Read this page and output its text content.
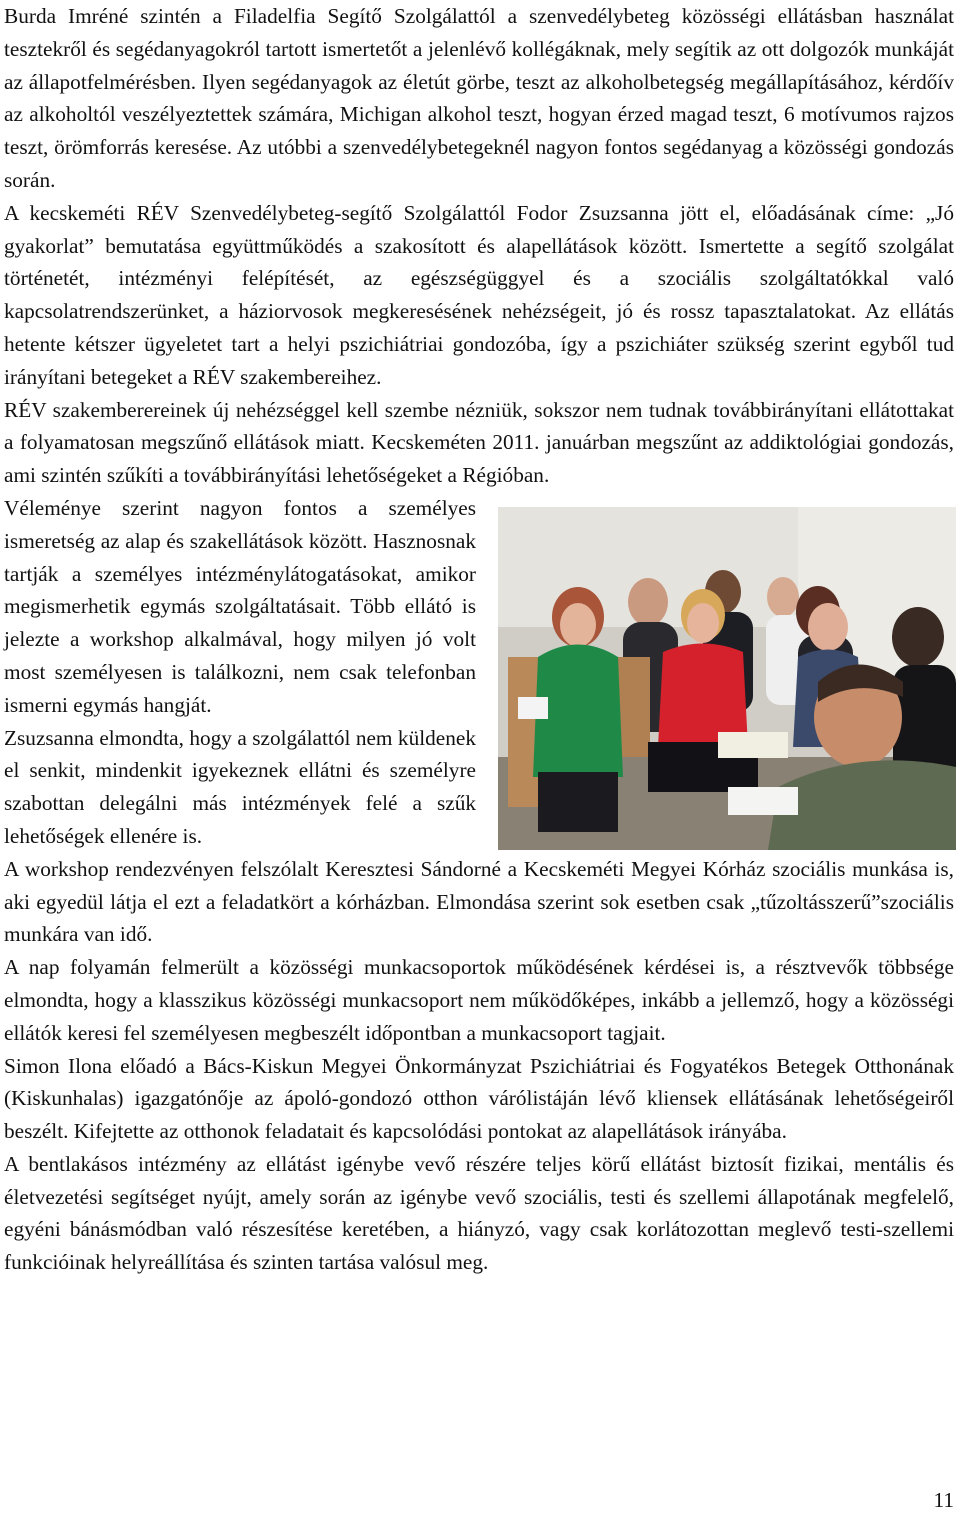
Burda Imréné szintén a Filadelfia Segítő Szolgálattól a szenvedélybeteg közösségi ellátásban használat tesztekről és segédanyagokról tartott ismertetőt a jelenlévő kollégáknak, mely segítik az ott dolgozók munkáját az állapotfelmérésben. Ilyen segédanyagok az életút görbe, teszt az alkoholbetegség megállapításához, kérdőív az alkoholtól veszélyeztettek számára, Michigan alkohol teszt, hogyan érzed magad teszt, 6 motívumos rajzos teszt, örömforrás keresése. Az utóbbi a szenvedélybetegeknél nagyon fontos segédanyag a közösségi gondozás során.

A kecskeméti RÉV Szenvedélybeteg-segítő Szolgálattól Fodor Zsuzsanna jött el, előadásának címe: „Jó gyakorlat” bemutatása együttműködés a szakosított és alapellátások között. Ismertette a segítő szolgálat történetét, intézményi felépítését, az egészségüggyel és a szociális szolgáltatókkal való kapcsolatrendszerünket, a háziorvosok megkeresésének nehézségeit, jó és rossz tapasztalatokat. Az ellátás hetente kétszer ügyeletet tart a helyi pszichiátriai gondozóba, így a pszichiáter szükség szerint egyből tud irányítani betegeket a RÉV szakembereihez.

RÉV szakemberereinek új nehézséggel kell szembe nézniük, sokszor nem tudnak továbbirányítani ellátottakat a folyamatosan megszűnő ellátások miatt. Kecskeméten 2011. januárban megszűnt az addiktológiai gondozás, ami szintén szűkíti a továbbirányítási lehetőségeket a Régióban.

Véleménye szerint nagyon fontos a személyes ismeretség az alap és szakellátások között. Hasznosnak tartják a személyes intézménylátogatásokat, amikor megismerhetik egymás szolgáltatásait. Több ellátó is jelezte a workshop alkalmával, hogy milyen jó volt most személyesen is találkozni, nem csak telefonban ismerni egymás hangját.

Zsuzsanna elmondta, hogy a szolgálattól nem küldenek el senkit, mindenkit igyekeznek ellátni és személyre szabottan delegálni más intézmények felé a szűk lehetőségek ellenére is.

A workshop rendezvényen felszólalt Keresztesi Sándorné a Kecskeméti Megyei Kórház szociális munkása is, aki egyedül látja el ezt a feladatkört a kórházban. Elmondása szerint sok esetben csak „tűzoltásszerű”szociális munkára van idő.

A nap folyamán felmerült a közösségi munkacsoportok működésének kérdései is, a résztvevők többsége elmondta, hogy a klasszikus közösségi munkacsoport nem működőképes, inkább a jellemző, hogy a közösségi ellátók keresi fel személyesen megbeszélt időpontban a munkacsoport tagjait.

Simon Ilona előadó a Bács-Kiskun Megyei Önkormányzat Pszichiátriai és Fogyatékos Betegek Otthonának (Kiskunhalas) igazgatónője az ápoló-gondozó otthon várólistáján lévő kliensek ellátásának lehetőségeiről beszélt. Kifejtette az otthonok feladatait és kapcsolódási pontokat az alapellátások irányába.

A bentlakásos intézmény az ellátást igénybe vevő részére teljes körű ellátást biztosít fizikai, mentális és életvezetési segítséget nyújt, amely során az igénybe vevő szociális, testi és szellemi állapotának megfelelő, egyéni bánásmódban való részesítése keretében, a hiányzó, vagy csak korlátozottan meglevő testi-szellemi funkcióinak helyreállítása és szinten tartása valósul meg.

11
